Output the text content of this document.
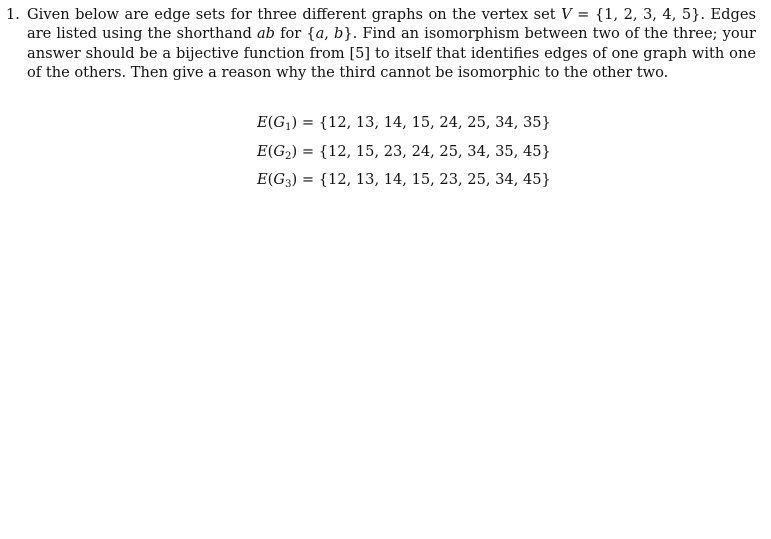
1. Given below are edge sets for three different graphs on the vertex set V = {1, 2, 3, 4, 5}. Edges are listed using the shorthand ab for {a, b}. Find an isomorphism between two of the three; your answer should be a bijective function from [5] to itself that identifies edges of one graph with one of the others. Then give a reason why the third cannot be isomorphic to the other two.

$E(G_1) = \{12$, 13, 14, 15, 24, 25, 34, 35}
$E(G_2) = \{12$, 15, 23, 24, 25, 34, 35, 45}
$E(G_3) = \{12$, 13, 14, 15, 23, 25, 34, 45}
